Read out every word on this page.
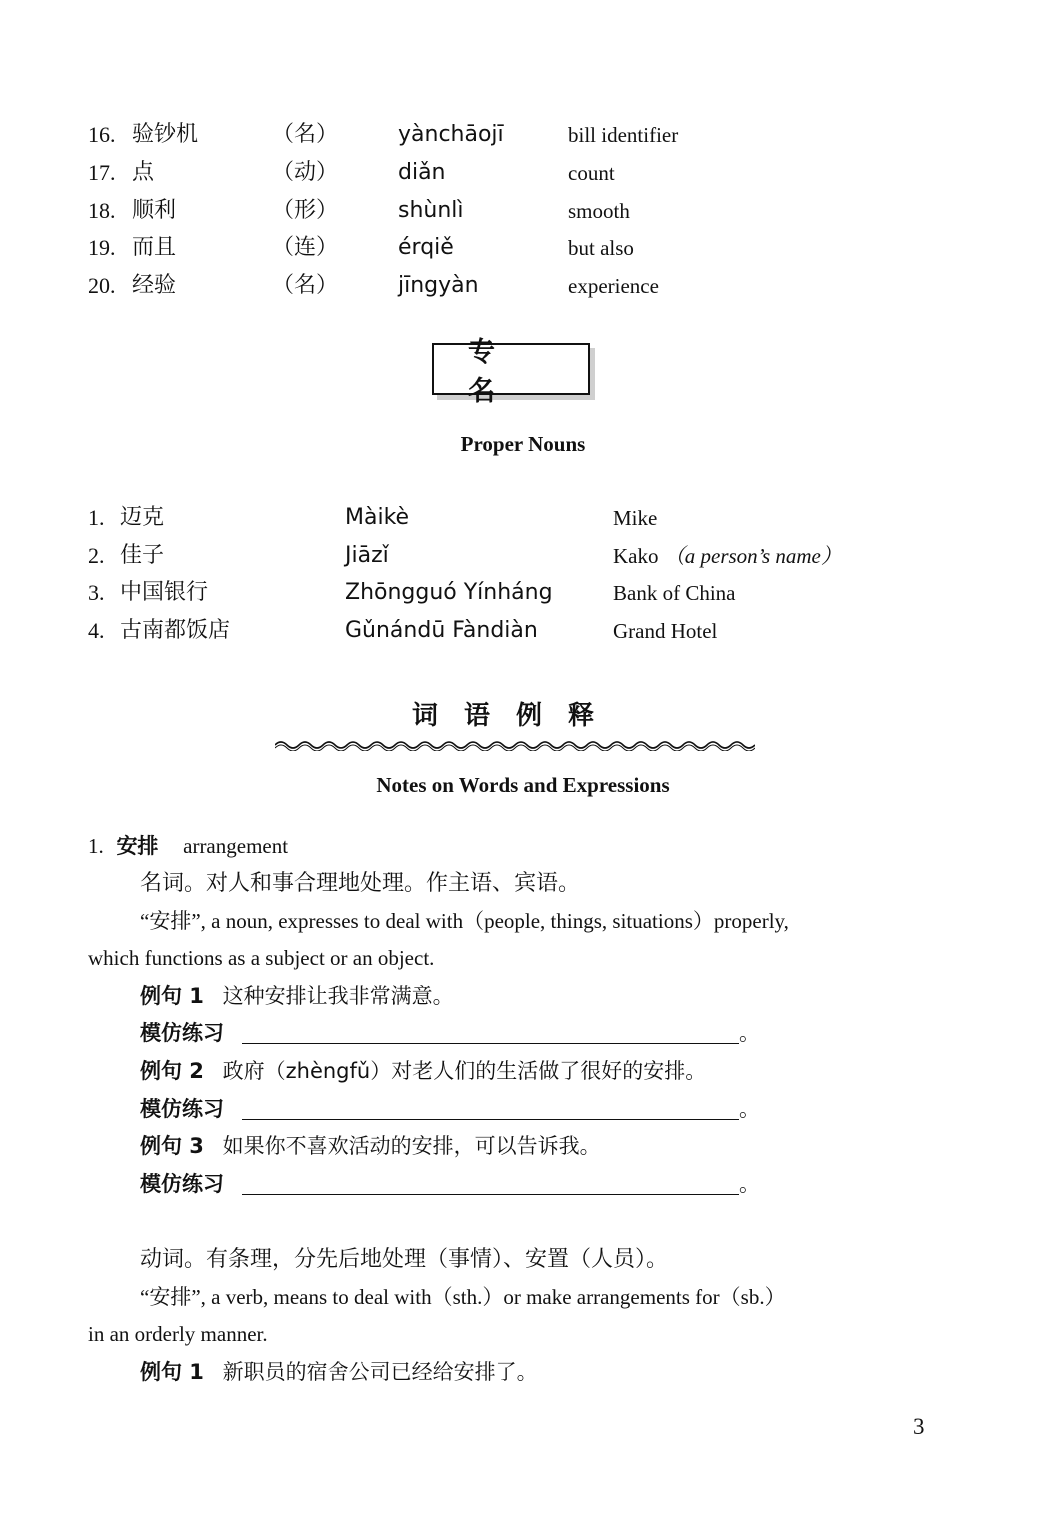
16. 验钞机	（名）	yànchāojī	bill identifier
17. 点	（动）	diǎn	count
18. 顺利	（形）	shùnlì	smooth
19. 而且	（连）	érqiě	but also
20. 经验	（名）	jīngyàn	experience
专名
Proper Nouns
1. 迈克	Màikè	Mike
2. 佳子	Jiāzǐ	Kako （a person’s name）
3. 中国银行	Zhōngguó Yínháng	Bank of China
4. 古南都饭店	Gǔnándū Fàndiàn	Grand Hotel
词语例释
Notes on Words and Expressions
1. 安排 arrangement
名词。对人和事合理地处理。作主语、宾语。
“安排”, a noun, expresses to deal with（people, things, situations）properly,
which functions as a subject or an object.
例句 1 这种安排让我非常满意。
模仿练习	。
例句 2 政府（zhèngfǔ）对老人们的生活做了很好的安排。
模仿练习	。
例句 3 如果你不喜欢活动的安排，可以告诉我。
模仿练习	。
动词。有条理，分先后地处理（事情）、安置（人员）。
“安排”, a verb, means to deal with（sth.）or make arrangements for（sb.）
in an orderly manner.
例句 1 新职员的宿舍公司已经给安排了。
3
